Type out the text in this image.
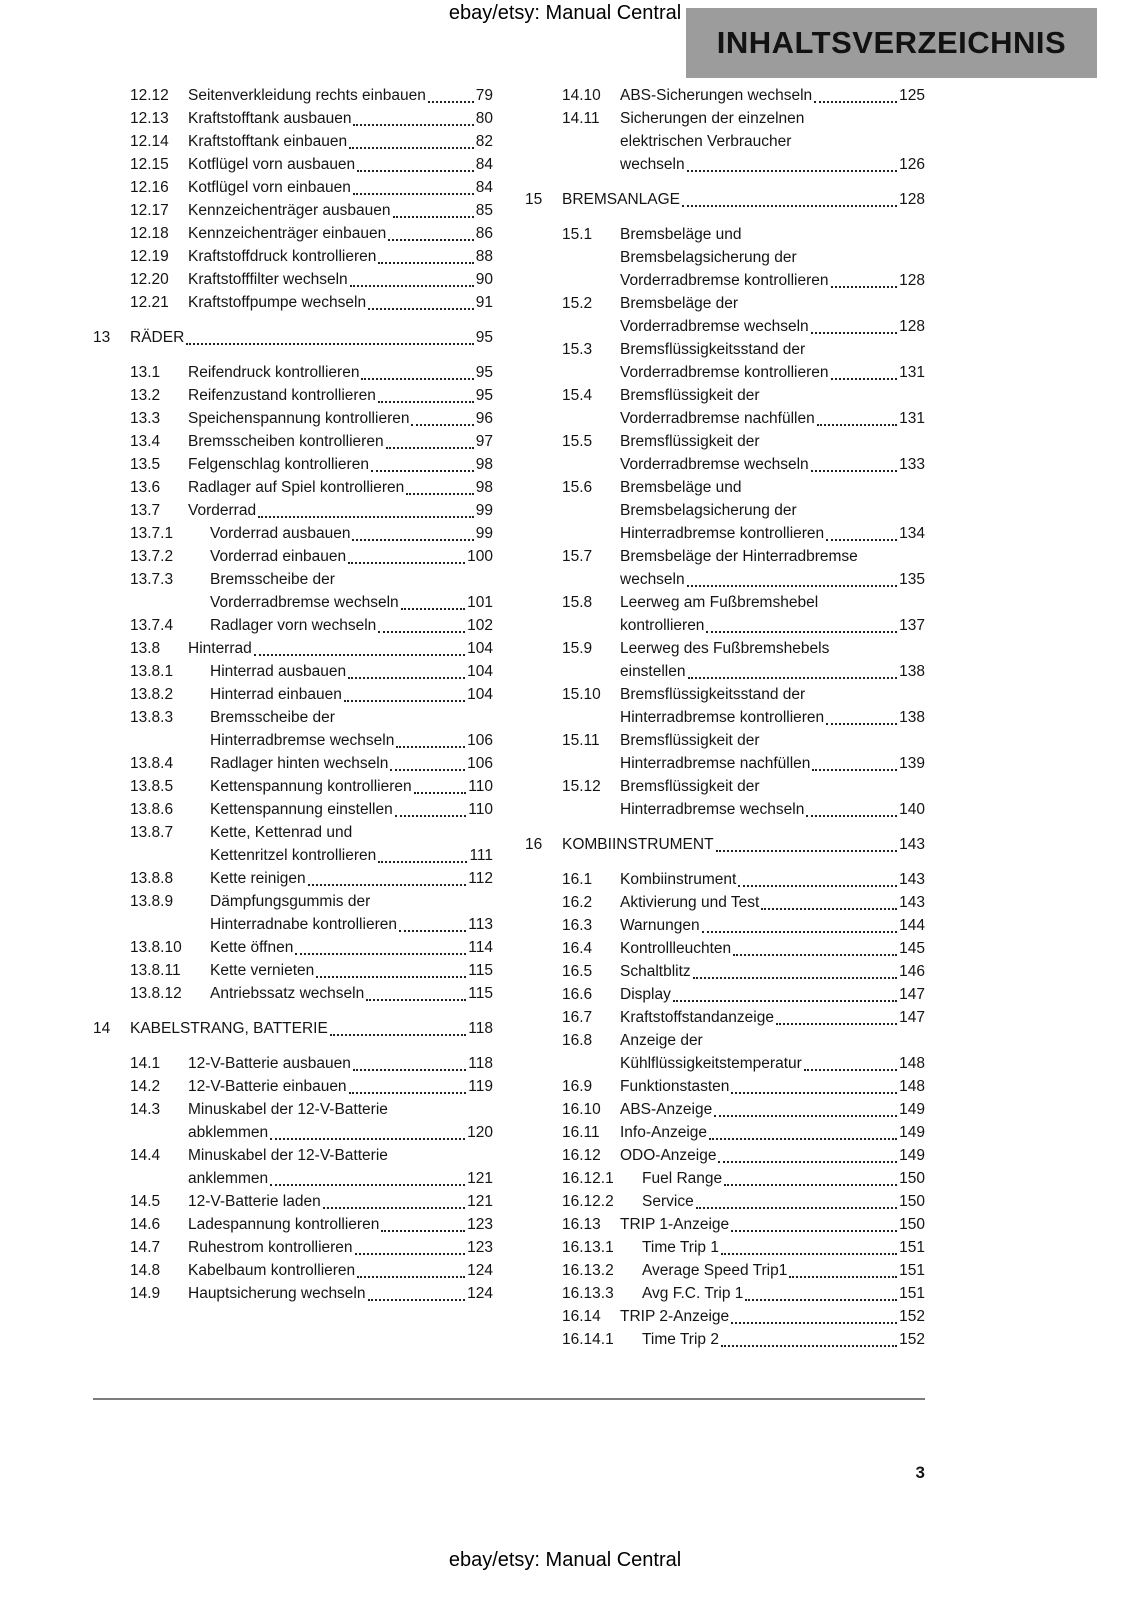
ebay/etsy: Manual Central
INHALTSVERZEICHNIS
12.12	Seitenverkleidung rechts einbauen	79
12.13	Kraftstofftank ausbauen	80
12.14	Kraftstofftank einbauen	82
12.15	Kotflügel vorn ausbauen	84
12.16	Kotflügel vorn einbauen	84
12.17	Kennzeichenträger ausbauen	85
12.18	Kennzeichenträger einbauen	86
12.19	Kraftstoffdruck kontrollieren	88
12.20	Kraftstofffilter wechseln	90
12.21	Kraftstoffpumpe wechseln	91
13	RÄDER	95
13.1	Reifendruck kontrollieren	95
13.2	Reifenzustand kontrollieren	95
13.3	Speichenspannung kontrollieren	96
13.4	Bremsscheiben kontrollieren	97
13.5	Felgenschlag kontrollieren	98
13.6	Radlager auf Spiel kontrollieren	98
13.7	Vorderrad	99
13.7.1	Vorderrad ausbauen	99
13.7.2	Vorderrad einbauen	100
13.7.3	Bremsscheibe der
Vorderradbremse wechseln	101
13.7.4	Radlager vorn wechseln	102
13.8	Hinterrad	104
13.8.1	Hinterrad ausbauen	104
13.8.2	Hinterrad einbauen	104
13.8.3	Bremsscheibe der
Hinterradbremse wechseln	106
13.8.4	Radlager hinten wechseln	106
13.8.5	Kettenspannung kontrollieren	110
13.8.6	Kettenspannung einstellen	110
13.8.7	Kette, Kettenrad und
Kettenritzel kontrollieren	111
13.8.8	Kette reinigen	112
13.8.9	Dämpfungsgummis der
Hinterradnabe kontrollieren	113
13.8.10	Kette öffnen	114
13.8.11	Kette vernieten	115
13.8.12	Antriebssatz wechseln	115
14	KABELSTRANG, BATTERIE	118
14.1	12-V-Batterie ausbauen	118
14.2	12-V-Batterie einbauen	119
14.3	Minuskabel der 12-V-Batterie
abklemmen	120
14.4	Minuskabel der 12-V-Batterie
anklemmen	121
14.5	12-V-Batterie laden	121
14.6	Ladespannung kontrollieren	123
14.7	Ruhestrom kontrollieren	123
14.8	Kabelbaum kontrollieren	124
14.9	Hauptsicherung wechseln	124
14.10	ABS-Sicherungen wechseln	125
14.11	Sicherungen der einzelnen
elektrischen Verbraucher
wechseln	126
15	BREMSANLAGE	128
15.1	Bremsbeläge und
Bremsbelagsicherung der
Vorderradbremse kontrollieren	128
15.2	Bremsbeläge der
Vorderradbremse wechseln	128
15.3	Bremsflüssigkeitsstand der
Vorderradbremse kontrollieren	131
15.4	Bremsflüssigkeit der
Vorderradbremse nachfüllen	131
15.5	Bremsflüssigkeit der
Vorderradbremse wechseln	133
15.6	Bremsbeläge und
Bremsbelagsicherung der
Hinterradbremse kontrollieren	134
15.7	Bremsbeläge der Hinterradbremse
wechseln	135
15.8	Leerweg am Fußbremshebel
kontrollieren	137
15.9	Leerweg des Fußbremshebels
einstellen	138
15.10	Bremsflüssigkeitsstand der
Hinterradbremse kontrollieren	138
15.11	Bremsflüssigkeit der
Hinterradbremse nachfüllen	139
15.12	Bremsflüssigkeit der
Hinterradbremse wechseln	140
16	KOMBIINSTRUMENT	143
16.1	Kombiinstrument	143
16.2	Aktivierung und Test	143
16.3	Warnungen	144
16.4	Kontrollleuchten	145
16.5	Schaltblitz	146
16.6	Display	147
16.7	Kraftstoffstandanzeige	147
16.8	Anzeige der
Kühlflüssigkeitstemperatur	148
16.9	Funktionstasten	148
16.10	ABS-Anzeige	149
16.11	Info-Anzeige	149
16.12	ODO-Anzeige	149
16.12.1	Fuel Range	150
16.12.2	Service	150
16.13	TRIP 1-Anzeige	150
16.13.1	Time Trip 1	151
16.13.2	Average Speed Trip1	151
16.13.3	Avg F.C. Trip 1	151
16.14	TRIP 2-Anzeige	152
16.14.1	Time Trip 2	152
3
ebay/etsy: Manual Central
